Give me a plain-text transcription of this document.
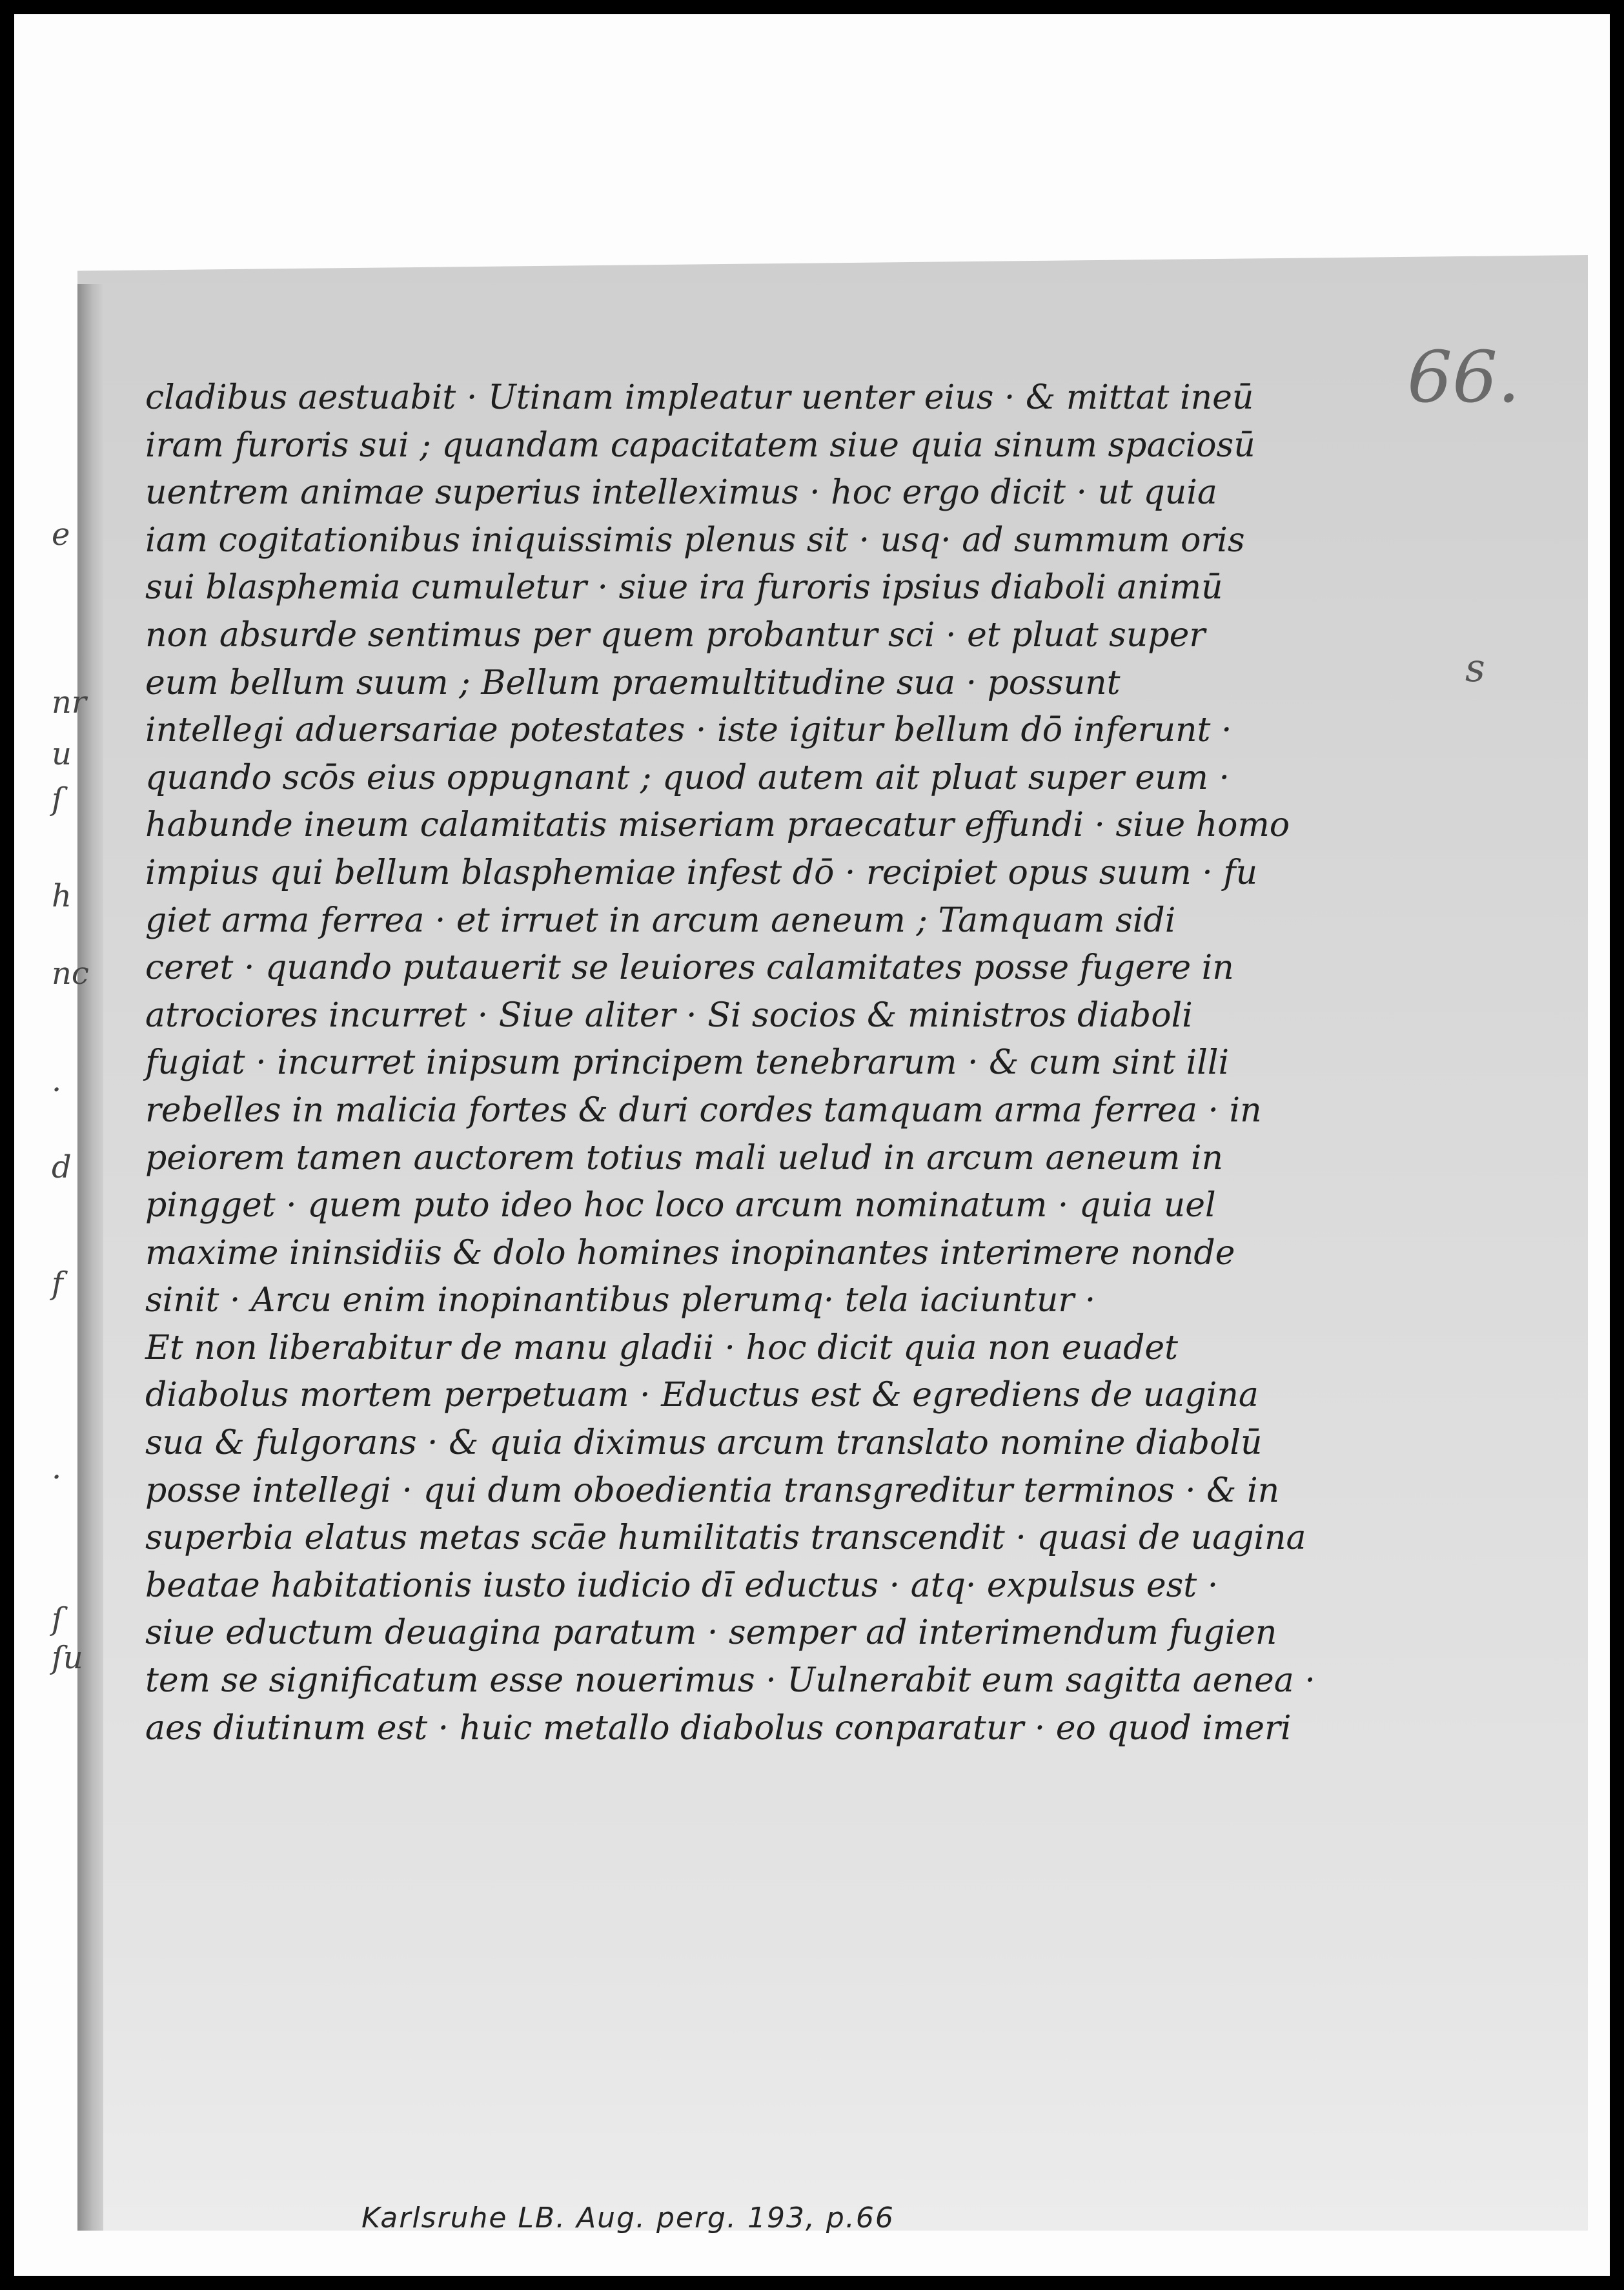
e
nr
u
ſ
h
nc
·
d
f
·
ſ
ſu
66.
s
cladibus aestuabit · Utinam impleatur uenter eius · & mittat ineū
iram furoris sui ; quandam capacitatem siue quia sinum spaciosū
uentrem animae superius intelleximus · hoc ergo dicit · ut quia
iam cogitationibus iniquissimis plenus sit · usq· ad summum oris
sui blasphemia cumuletur · siue ira furoris ipsius diaboli animū
non absurde sentimus per quem probantur sci · et pluat super
eum bellum suum ; Bellum praemultitudine sua · possunt
intellegi aduersariae potestates · iste igitur bellum dō inferunt ·
quando scōs eius oppugnant ; quod autem ait pluat super eum ·
habunde ineum calamitatis miseriam praecatur effundi · siue homo
impius qui bellum blasphemiae infest dō · recipiet opus suum · fu
giet arma ferrea · et irruet in arcum aeneum ; Tamquam sidi
ceret · quando putauerit se leuiores calamitates posse fugere in
atrociores incurret · Siue aliter · Si socios & ministros diaboli
fugiat · incurret inipsum principem tenebrarum · & cum sint illi
rebelles in malicia fortes & duri cordes tamquam arma ferrea · in
peiorem tamen auctorem totius mali uelud in arcum aeneum in
pingget · quem puto ideo hoc loco arcum nominatum · quia uel
maxime ininsidiis & dolo homines inopinantes interimere nonde
sinit · Arcu enim inopinantibus plerumq· tela iaciuntur ·
Et non liberabitur de manu gladii · hoc dicit quia non euadet
diabolus mortem perpetuam · Eductus est & egrediens de uagina
sua & fulgorans · & quia diximus arcum translato nomine diabolū
posse intellegi · qui dum oboedientia transgreditur terminos · & in
superbia elatus metas scāe humilitatis transcendit · quasi de uagina
beatae habitationis iusto iudicio dī eductus · atq· expulsus est ·
siue eductum deuagina paratum · semper ad interimendum fugien
tem se significatum esse nouerimus · Uulnerabit eum sagitta aenea ·
aes diutinum est · huic metallo diabolus conparatur · eo quod imeri
Karlsruhe LB. Aug. perg. 193, p.66
